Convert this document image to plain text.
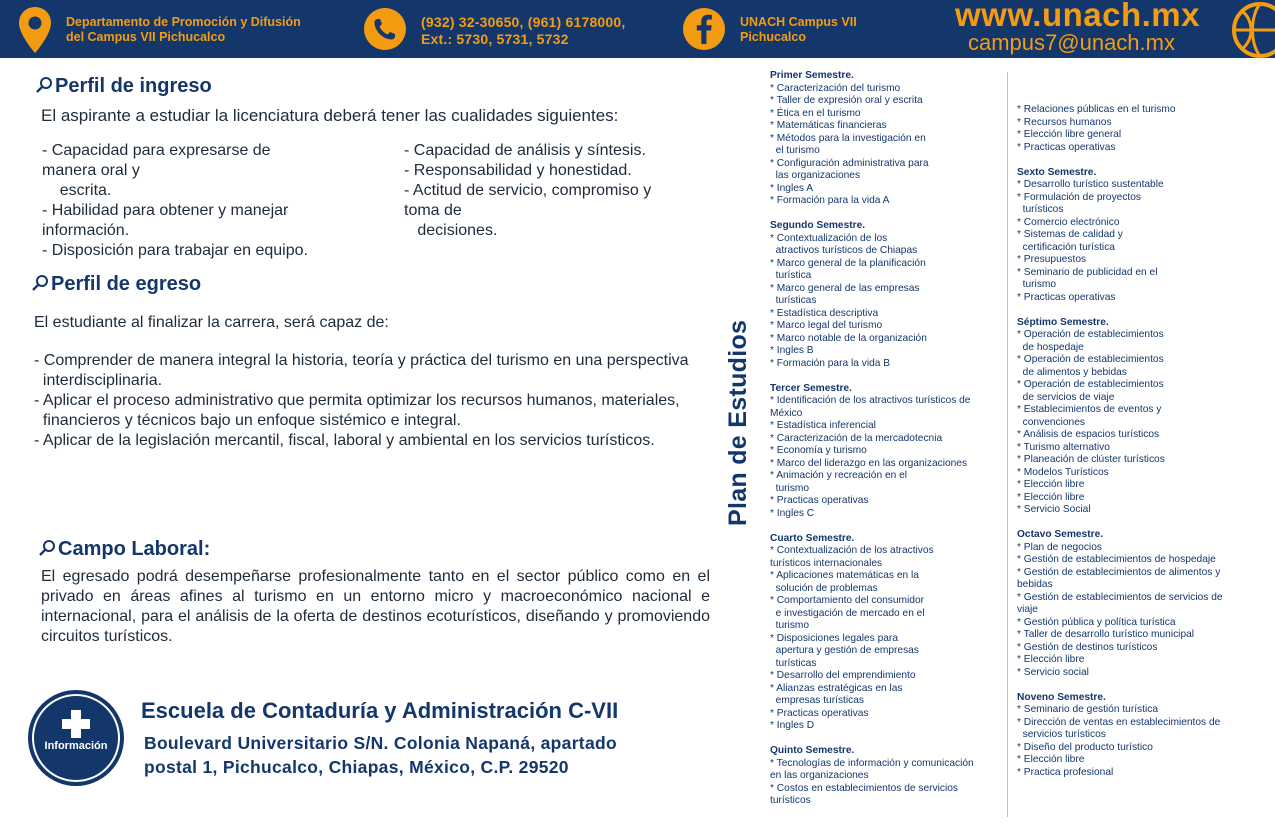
Departamento de Promoción y Difusión
del Campus VII Pichucalco
(932) 32-30650, (961) 6178000,
Ext.: 5730, 5731, 5732
UNACH Campus VII
Pichucalco
www.unach.mx
campus7@unach.mx
Perfil de ingreso
El aspirante a estudiar la licenciatura deberá tener las cualidades siguientes:
- Capacidad para expresarse de
manera oral y
escrita.
- Habilidad para obtener y manejar
información.
- Disposición para trabajar en equipo.
- Capacidad de análisis y síntesis.
- Responsabilidad y honestidad.
- Actitud de servicio, compromiso y
toma de
decisiones.
Perfil de egreso
El estudiante al finalizar la carrera, será capaz de:
- Comprender de manera integral la historia, teoría y práctica del turismo en una perspectiva
interdisciplinaria.
- Aplicar el proceso administrativo que permita optimizar los recursos humanos, materiales,
financieros y técnicos bajo un enfoque sistémico e integral.
- Aplicar de la legislación mercantil, fiscal, laboral y ambiental en los servicios turísticos.
Campo Laboral:
El egresado podrá desempeñarse profesionalmente tanto en el sector público como en el privado en áreas afines al turismo en un entorno micro y macroeconómico nacional e internacional, para el análisis de la oferta de destinos ecoturísticos, diseñando y promoviendo circuitos turísticos.
Información
Escuela de Contaduría y Administración C-VII
Boulevard Universitario S/N. Colonia Napaná, apartado
postal 1, Pichucalco, Chiapas, México, C.P. 29520
Plan de Estudios
Primer Semestre.
* Caracterización del turismo
* Taller de expresión oral y escrita
* Ética en el turismo
* Matemáticas financieras
* Métodos para la investigación en
el turismo
* Configuración administrativa para
las organizaciones
* Ingles A
* Formación para la vida A
Segundo Semestre.
* Contextualización de los
atractivos turísticos de Chiapas
* Marco general de la planificación
turística
* Marco general de las empresas
turísticas
* Estadística descriptiva
* Marco legal del turismo
* Marco notable de la organización
* Ingles B
* Formación para la vida B
Tercer Semestre.
* Identificación de los atractivos turísticos de
México
* Estadística inferencial
* Caracterización de la mercadotecnia
* Economía y turismo
* Marco del liderazgo en las organizaciones
* Animación y recreación en el
turismo
* Practicas operativas
* Ingles C
Cuarto Semestre.
* Contextualización de los atractivos
turísticos internacionales
* Aplicaciones matemáticas en la
solución de problemas
* Comportamiento del consumidor
e investigación de mercado en el
turismo
* Disposiciones legales para
apertura y gestión de empresas
turísticas
* Desarrollo del emprendimiento
* Alianzas estratégicas en las
empresas turísticas
* Practicas operativas
* Ingles D
Quinto Semestre.
* Tecnologías de información y comunicación
en las organizaciones
* Costos en establecimientos de servicios
turísticos
* Relaciones públicas en el turismo
* Recursos humanos
* Elección libre general
* Practicas operativas
Sexto Semestre.
* Desarrollo turístico sustentable
* Formulación de proyectos
turísticos
* Comercio electrónico
* Sistemas de calidad y
certificación turística
* Presupuestos
* Seminario de publicidad en el
turismo
* Practicas operativas
Séptimo Semestre.
* Operación de establecimientos
de hospedaje
* Operación de establecimientos
de alimentos y bebidas
* Operación de establecimientos
de servicios de viaje
* Establecimientos de eventos y
convenciones
* Análisis de espacios turísticos
* Turismo alternativo
* Planeación de clúster turísticos
* Modelos Turísticos
* Elección libre
* Elección libre
* Servicio Social
Octavo Semestre.
* Plan de negocios
* Gestión de establecimientos de hospedaje
* Gestión de establecimientos de alimentos y
bebidas
* Gestión de establecimientos de servicios de
viaje
* Gestión pública y política turística
* Taller de desarrollo turístico municipal
* Gestión de destinos turísticos
* Elección libre
* Servicio social
Noveno Semestre.
* Seminario de gestión turística
* Dirección de ventas en establecimientos de
servicios turísticos
* Diseño del producto turístico
* Elección libre
* Practica profesional
